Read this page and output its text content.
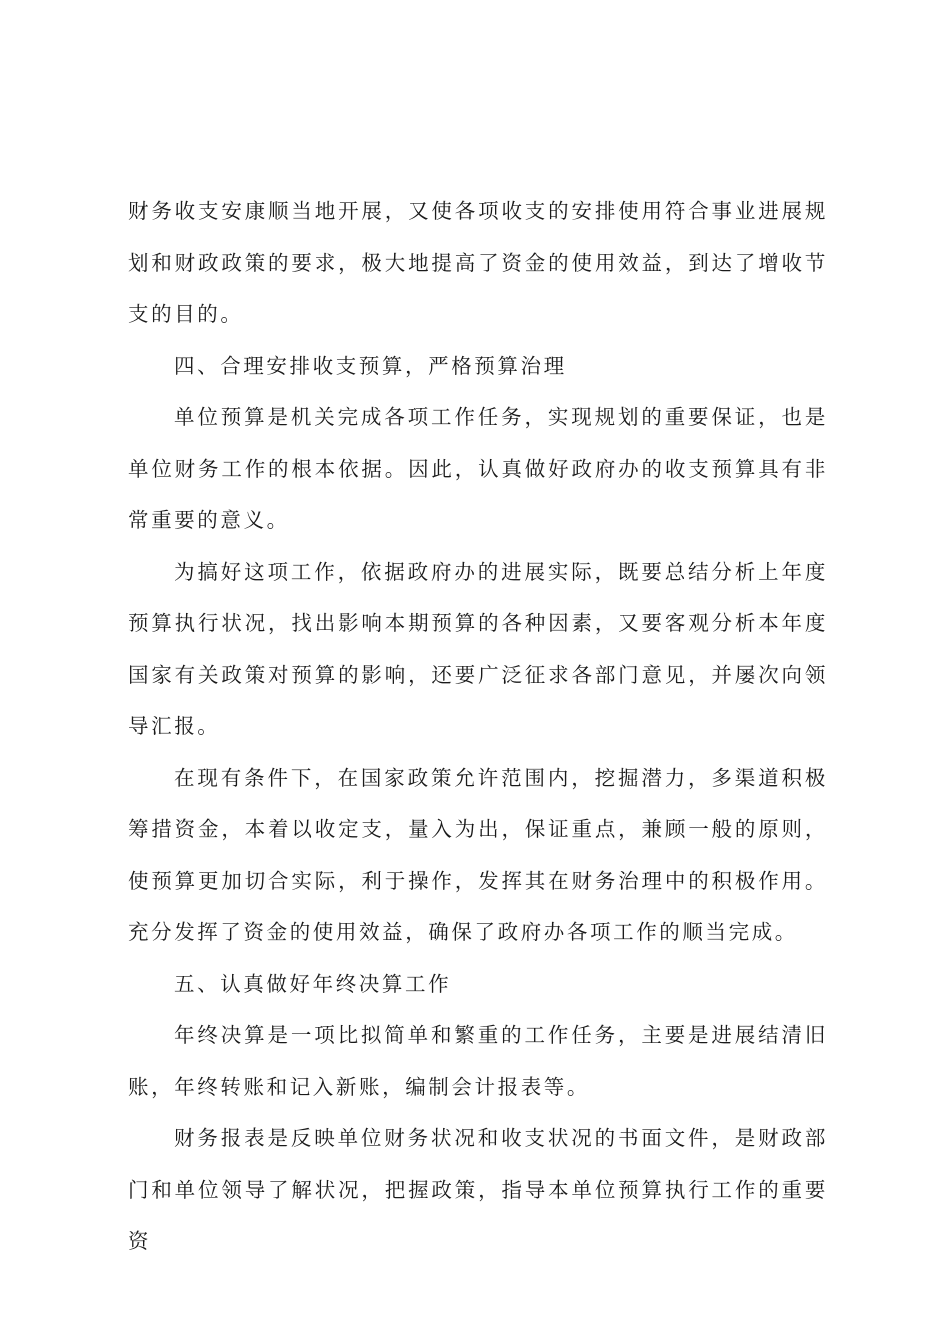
财务收支安康顺当地开展，又使各项收支的安排使用符合事业进展规划和财政政策的要求，极大地提高了资金的使用效益，到达了增收节支的目的。

四、合理安排收支预算，严格预算治理

单位预算是机关完成各项工作任务，实现规划的重要保证，也是单位财务工作的根本依据。因此，认真做好政府办的收支预算具有非常重要的意义。

为搞好这项工作，依据政府办的进展实际，既要总结分析上年度预算执行状况，找出影响本期预算的各种因素，又要客观分析本年度国家有关政策对预算的影响，还要广泛征求各部门意见，并屡次向领导汇报。

在现有条件下，在国家政策允许范围内，挖掘潜力，多渠道积极筹措资金，本着以收定支，量入为出，保证重点，兼顾一般的原则，使预算更加切合实际，利于操作，发挥其在财务治理中的积极作用。充分发挥了资金的使用效益，确保了政府办各项工作的顺当完成。

五、认真做好年终决算工作

年终决算是一项比拟简单和繁重的工作任务，主要是进展结清旧账，年终转账和记入新账，编制会计报表等。

财务报表是反映单位财务状况和收支状况的书面文件，是财政部门和单位领导了解状况，把握政策，指导本单位预算执行工作的重要资
